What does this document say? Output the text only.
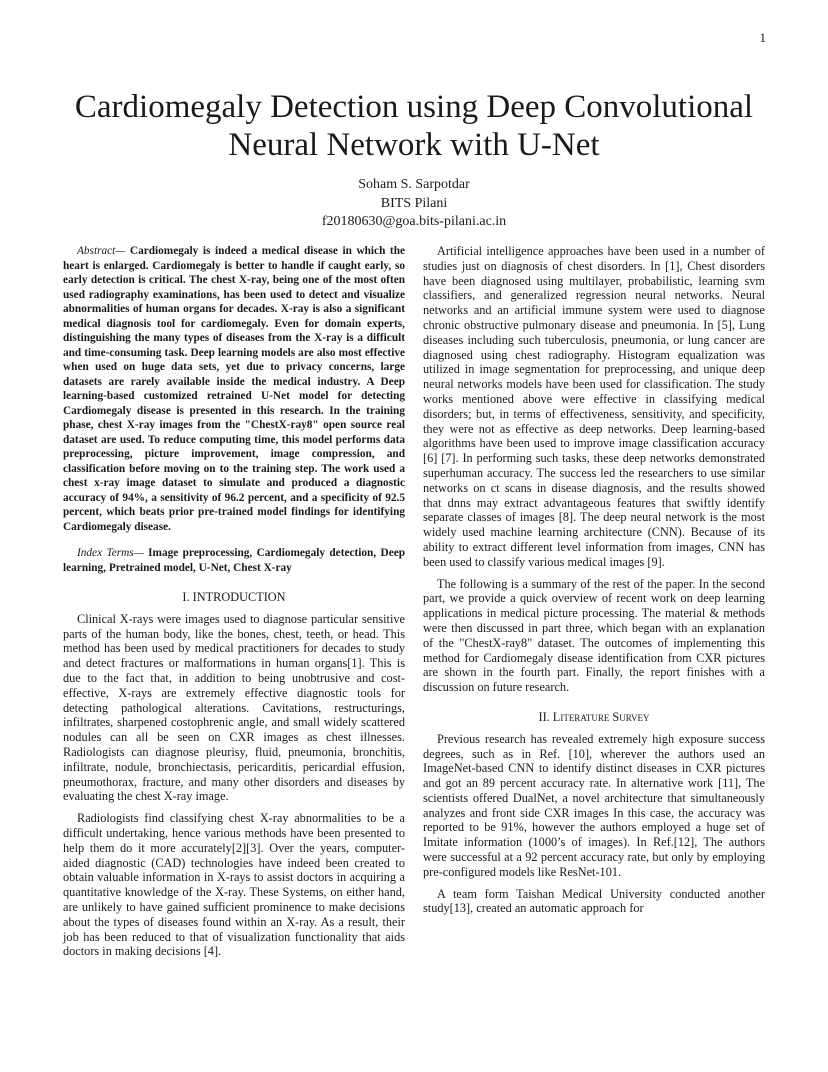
1
Cardiomegaly Detection using Deep Convolutional
Neural Network with U-Net
Soham S. Sarpotdar
BITS Pilani
f20180630@goa.bits-pilani.ac.in

Abstract— Cardiomegaly is indeed a medical disease in which the heart is enlarged. Cardiomegaly is better to handle if caught early, so early detection is critical. The chest X-ray, being one of the most often used radiography examinations, has been used to detect and visualize abnormalities of human organs for decades. X-ray is also a significant medical diagnosis tool for cardiomegaly. Even for domain experts, distinguishing the many types of diseases from the X-ray is a difficult and time-consuming task. Deep learning models are also most effective when used on huge data sets, yet due to privacy concerns, large datasets are rarely available inside the medical industry. A Deep learning-based customized retrained U-Net model for detecting Cardiomegaly disease is presented in this research. In the training phase, chest X-ray images from the "ChestX-ray8" open source real dataset are used. To reduce computing time, this model performs data preprocessing, picture improvement, image compression, and classification before moving on to the training step. The work used a chest x-ray image dataset to simulate and produced a diagnostic accuracy of 94%, a sensitivity of 96.2 percent, and a specificity of 92.5 percent, which beats prior pre-trained model findings for identifying Cardiomegaly disease.

Index Terms— Image preprocessing, Cardiomegaly detection, Deep learning, Pretrained model, U-Net, Chest X-ray

I. INTRODUCTION

Clinical X-rays were images used to diagnose particular sensitive parts of the human body, like the bones, chest, teeth, or head. This method has been used by medical practitioners for decades to study and detect fractures or malformations in human organs[1]. This is due to the fact that, in addition to being unobtrusive and cost-effective, X-rays are extremely effective diagnostic tools for detecting pathological alterations. Cavitations, restructurings, infiltrates, sharpened costophrenic angle, and small widely scattered nodules can all be seen on CXR images as chest illnesses. Radiologists can diagnose pleurisy, fluid, pneumonia, bronchitis, infiltrate, nodule, bronchiectasis, pericarditis, pericardial effusion, pneumothorax, fracture, and many other disorders and diseases by evaluating the chest X-ray image.

Radiologists find classifying chest X-ray abnormalities to be a difficult undertaking, hence various methods have been presented to help them do it more accurately[2][3]. Over the years, computer-aided diagnostic (CAD) technologies have indeed been created to obtain valuable information in X-rays to assist doctors in acquiring a quantitative knowledge of the X-ray. These Systems, on either hand, are unlikely to have gained sufficient prominence to make decisions about the types of diseases found within an X-ray. As a result, their job has been reduced to that of visualization functionality that aids doctors in making decisions [4].

Artificial intelligence approaches have been used in a number of studies just on diagnosis of chest disorders. In [1], Chest disorders have been diagnosed using multilayer, probabilistic, learning svm classifiers, and generalized regression neural networks. Neural networks and an artificial immune system were used to diagnose chronic obstructive pulmonary disease and pneumonia. In [5], Lung diseases including such tuberculosis, pneumonia, or lung cancer are diagnosed using chest radiography. Histogram equalization was utilized in image segmentation for preprocessing, and unique deep neural networks models have been used for classification. The study works mentioned above were effective in classifying medical disorders; but, in terms of effectiveness, sensitivity, and specificity, they were not as effective as deep networks. Deep learning-based algorithms have been used to improve image classification accuracy [6] [7]. In performing such tasks, these deep networks demonstrated superhuman accuracy. The success led the researchers to use similar networks on ct scans in disease diagnosis, and the results showed that dnns may extract advantageous features that swiftly identify separate classes of images [8]. The deep neural network is the most widely used machine learning architecture (CNN). Because of its ability to extract different level information from images, CNN has been used to classify various medical images [9].

The following is a summary of the rest of the paper. In the second part, we provide a quick overview of recent work on deep learning applications in medical picture processing. The material & methods were then discussed in part three, which began with an explanation of the "ChestX-ray8" dataset. The outcomes of implementing this method for Cardiomegaly disease identification from CXR pictures are shown in the fourth part. Finally, the report finishes with a discussion on future research.

II. Literature Survey

Previous research has revealed extremely high exposure success degrees, such as in Ref. [10], wherever the authors used an ImageNet-based CNN to identify distinct diseases in CXR pictures and got an 89 percent accuracy rate. In alternative work [11], The scientists offered DualNet, a novel architecture that simultaneously analyzes and front side CXR images In this case, the accuracy was reported to be 91%, however the authors employed a huge set of Imitate information (1000’s of images). In Ref.[12], The authors were successful at a 92 percent accuracy rate, but only by employing pre-configured models like ResNet-101.

A team form Taishan Medical University conducted another study[13], created an automatic approach for
